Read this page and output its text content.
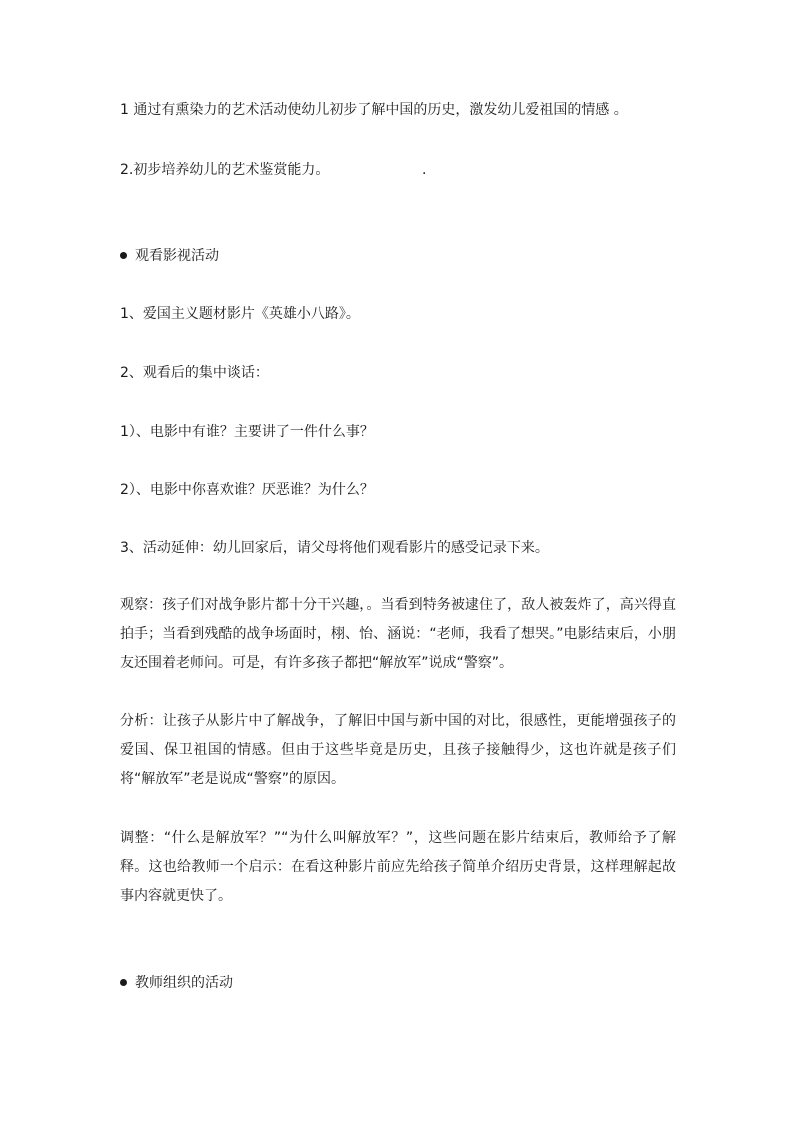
1 通过有熏染力的艺术活动使幼儿初步了解中国的历史，激发幼儿爱祖国的情感 。

2.初步培养幼儿的艺术鉴赏能力。	.

观看影视活动

1、爱国主义题材影片《英雄小八路》。

2、观看后的集中谈话：

1）、电影中有谁？主要讲了一件什么事？

2）、电影中你喜欢谁？厌恶谁？为什么？

3、活动延伸：幼儿回家后，请父母将他们观看影片的感受记录下来。

观察：孩子们对战争影片都十分干兴趣，。当看到特务被逮住了，敌人被轰炸了，高兴得直拍手；当看到残酷的战争场面时，栩、怡、涵说：“老师，我看了想哭。”电影结束后，小朋友还围着老师问。可是，有许多孩子都把“解放军”说成“警察”。

分析：让孩子从影片中了解战争，了解旧中国与新中国的对比，很感性，更能增强孩子的爱国、保卫祖国的情感。但由于这些毕竟是历史，且孩子接触得少，这也许就是孩子们将“解放军”老是说成“警察”的原因。

调整：“什么是解放军？”“为什么叫解放军？”，这些问题在影片结束后，教师给予了解释。这也给教师一个启示：在看这种影片前应先给孩子简单介绍历史背景，这样理解起故事内容就更快了。

教师组织的活动
